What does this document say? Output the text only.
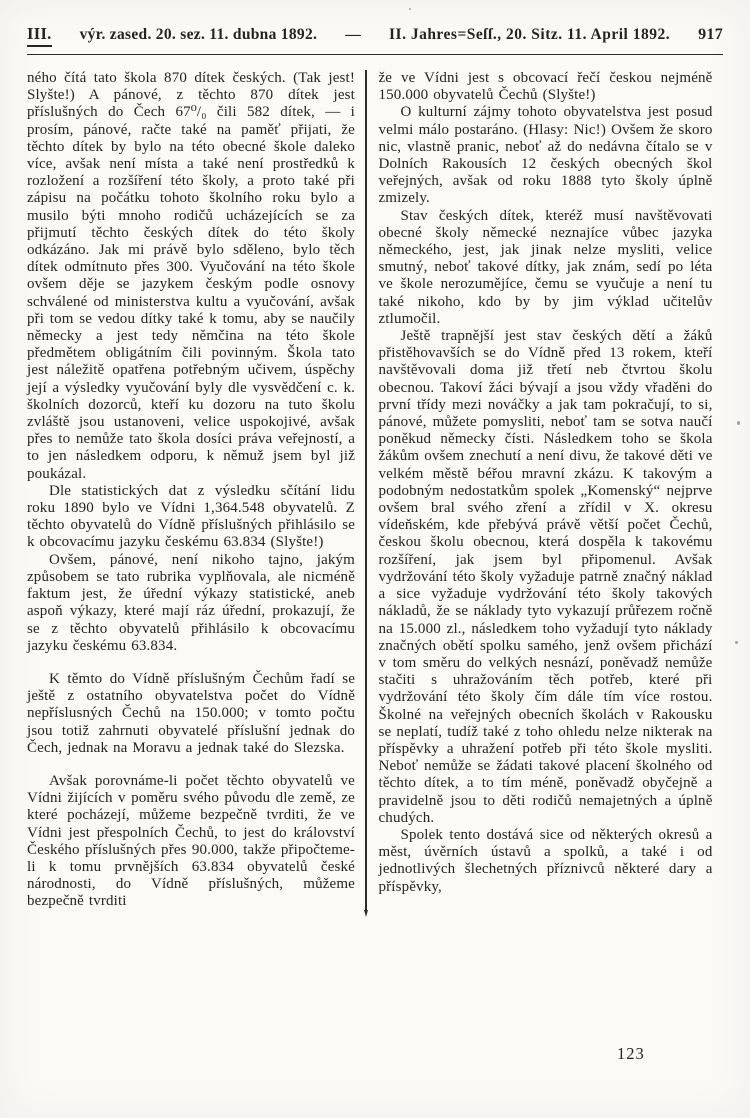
III. výr. zased. 20. sez. 11. dubna 1892. — II. Jahres=Seſſ., 20. Sitz. 11. April 1892. 917

ného čítá tato škola 870 dítek českých. (Tak jest! Slyšte!) A pánové, z těchto 870 dítek jest příslušných do Čech 67⁰/₀ čili 582 dítek, — i prosím, pánové, račte také na paměť přijati, že těchto dítek by bylo na této obecné škole daleko více, avšak není místa a také není prostředků k rozložení a rozšíření této školy, a proto také při zápisu na počátku tohoto školního roku bylo a musilo býti mnoho rodičů ucházejících se za přijmutí těchto českých dítek do této školy odkázáno. Jak mi právě bylo sděleno, bylo těch dítek odmítnuto přes 300. Vyučování na této škole ovšem děje se jazykem českým podle osnovy schválené od ministerstva kultu a vyučování, avšak při tom se vedou dítky také k tomu, aby se naučily německy a jest tedy němčina na této škole předmětem obligátním čili povinným. Škola tato jest náležitě opatřena potřebným učivem, úspěchy její a výsledky vyučování byly dle vysvědčení c. k. školních dozorců, kteří ku dozoru na tuto školu zvláště jsou ustanoveni, velice uspokojivé, avšak přes to nemůže tato škola dosíci práva veřejností, a to jen následkem odporu, k němuž jsem byl již poukázal.

Dle statistických dat z výsledku sčítání lidu roku 1890 bylo ve Vídni 1,364.548 obyvatelů. Z těchto obyvatelů do Vídně příslušných přihlásilo se k obcovacímu jazyku českému 63.834 (Slyšte!)

Ovšem, pánové, není nikoho tajno, jakým způsobem se tato rubrika vyplňovala, ale nicméně faktum jest, že úřední výkazy statistické, aneb aspoň výkazy, které mají ráz úřední, prokazují, že se z těchto obyvatelů přihlásilo k obcovacímu jazyku českému 63.834.

K těmto do Vídně příslušným Čechům řadí se ještě z ostatního obyvatelstva počet do Vídně nepříslusných Čechů na 150.000; v tomto počtu jsou totiž zahrnuti obyvatelé příslušní jednak do Čech, jednak na Moravu a jednak také do Slezska.

Avšak porovnáme-li počet těchto obyvatelů ve Vídni žijících v poměru svého původu dle země, ze které pocházejí, můžeme bezpečně tvrditi, že ve Vídni jest přespolních Čechů, to jest do království Českého příslušných přes 90.000, takže připočteme-li k tomu prvnějších 63.834 obyvatelů české národnosti, do Vídně příslušných, můžeme bezpečně tvrditi

že ve Vídni jest s obcovací řečí českou nejméně 150.000 obyvatelů Čechů (Slyšte!)

O kulturní zájmy tohoto obyvatelstva jest posud velmi málo postaráno. (Hlasy: Nic!) Ovšem že skoro nic, vlastně pranic, neboť až do nedávna čítalo se v Dolních Rakousích 12 českých obecných škol veřejných, avšak od roku 1888 tyto školy úplně zmizely.

Stav českých dítek, kteréž musí navštěvovati obecné školy německé neznajíce vůbec jazyka německého, jest, jak jinak nelze mysliti, velice smutný, neboť takové dítky, jak znám, sedí po léta ve škole nerozumějíce, čemu se vyučuje a není tu také nikoho, kdo by by jim výklad učitelův ztlumočil.

Ještě trapnější jest stav českých dětí a žáků přistěhovavších se do Vídně před 13 rokem, kteří navštěvovali doma již třetí neb čtvrtou školu obecnou. Takoví žáci bývají a jsou vždy vřaděni do první třídy mezi nováčky a jak tam pokračují, to si, pánové, můžete pomysliti, neboť tam se sotva naučí poněkud německy čísti. Následkem toho se škola žákům ovšem znechutí a není divu, že takové děti ve velkém městě béřou mravní zkázu. K takovým a podobným nedostatkům spolek „Komenský“ nejprve ovšem bral svého zření a zřídil v X. okresu vídeňském, kde přebývá právě větší počet Čechů, českou školu obecnou, která dospěla k takovému rozšíření, jak jsem byl připomenul. Avšak vydržování této školy vyžaduje patrně značný náklad a sice vyžaduje vydržování této školy takových nákladů, že se náklady tyto vykazují průřezem ročně na 15.000 zl., následkem toho vyžadují tyto náklady značných obětí spolku samého, jenž ovšem přichází v tom směru do velkých nesnází, poněvadž nemůže stačiti s uhražováním těch potřeb, které při vydržování této školy čím dále tím více rostou. Školné na veřejných obecních školách v Rakousku se neplatí, tudíž také z toho ohledu nelze nikterak na příspěvky a uhražení potřeb při této škole mysliti. Neboť nemůže se žádati takové placení školného od těchto dítek, a to tím méně, poněvadž obyčejně a pravidelně jsou to děti rodičů nemajetných a úplně chudých.

Spolek tento dostává sice od některých okresů a měst, úvěrních ústavů a spolků, a také i od jednotlivých šlechetných příznivců některé dary a příspěvky,

123
